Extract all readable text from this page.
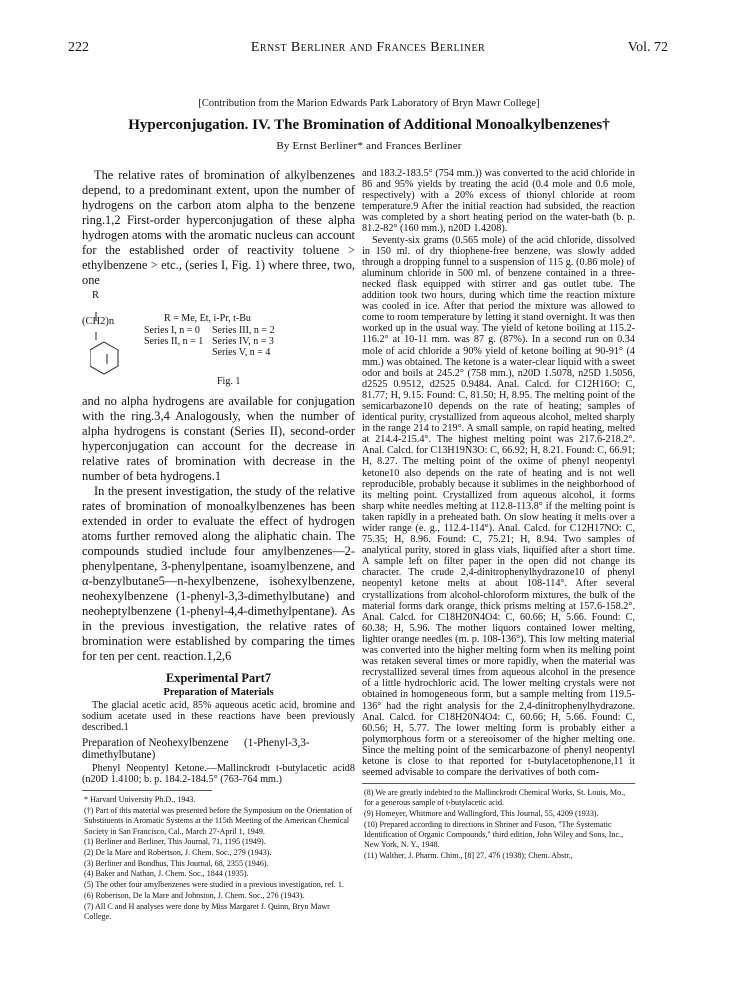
222	Ernst Berliner and Frances Berliner	Vol. 72
[Contribution from the Marion Edwards Park Laboratory of Bryn Mawr College]
Hyperconjugation. IV. The Bromination of Additional Monoalkylbenzenes†
By Ernst Berliner* and Frances Berliner

The relative rates of bromination of alkylbenzenes depend, to a predominant extent, upon the number of hydrogens on the carbon atom alpha to the benzene ring.1,2 First-order hyperconjugation of these alpha hydrogen atoms with the aromatic nucleus can account for the established order of reactivity toluene > ethylbenzene > etc., (series I, Fig. 1) where three, two, one

R
(CH2)n	R = Me, Et, i-Pr, t-Bu
Series I, n = 0
Series II, n = 1
Series III, n = 2
Series IV, n = 3
Series V, n = 4
Fig. 1

and no alpha hydrogens are available for conjugation with the ring.3,4 Analogously, when the number of alpha hydrogens is constant (Series II), second-order hyperconjugation can account for the decrease in relative rates of bromination with decrease in the number of beta hydrogens.1

In the present investigation, the study of the relative rates of bromination of monoalkylbenzenes has been extended in order to evaluate the effect of hydrogen atoms further removed along the aliphatic chain. The compounds studied include four amylbenzenes—2-phenylpentane, 3-phenylpentane, isoamylbenzene, and α-benzylbutane5—n-hexylbenzene, isohexylbenzene, neohexylbenzene (1-phenyl-3,3-dimethylbutane) and neoheptylbenzene (1-phenyl-4,4-dimethylpentane). As in the previous investigation, the relative rates of bromination were established by comparing the times for ten per cent. reaction.1,2,6

Experimental Part7
Preparation of Materials

The glacial acetic acid, 85% aqueous acetic acid, bromine and sodium acetate used in these reactions have been previously described.1

Preparation of Neohexylbenzene (1-Phenyl-3,3-dimethylbutane)

Phenyl Neopentyl Ketone.—Mallinckrodt t-butylacetic acid8 (n20D 1.4100; b. p. 184.2-184.5° (763-764 mm.)

* Harvard University Ph.D., 1943.

(†) Part of this material was presented before the Symposium on the Orientation of Substituents in Aromatic Systems at the 115th Meeting of the American Chemical Society in San Francisco, Cal., March 27-April 1, 1949.

(1) Berliner and Berliner, This Journal, 71, 1195 (1949).

(2) De la Mare and Robertson, J. Chem. Soc., 279 (1943).

(3) Berliner and Bondhus, This Journal, 68, 2355 (1946).

(4) Baker and Nathan, J. Chem. Soc., 1844 (1935).

(5) The other four amylbenzenes were studied in a previous investigation, ref. 1.

(6) Robertson, De la Mare and Johnston, J. Chem. Soc., 276 (1943).

(7) All C and H analyses were done by Miss Margaret J. Quinn, Bryn Mawr College.

and 183.2-183.5° (754 mm.)) was converted to the acid chloride in 86 and 95% yields by treating the acid (0.4 mole and 0.6 mole, respectively) with a 20% excess of thionyl chloride at room temperature.9 After the initial reaction had subsided, the reaction was completed by a short heating period on the water-bath (b. p. 81.2-82° (160 mm.), n20D 1.4208).

Seventy-six grams (0.565 mole) of the acid chloride, dissolved in 150 ml. of dry thiophene-free benzene, was slowly added through a dropping funnel to a suspension of 115 g. (0.86 mole) of aluminum chloride in 500 ml. of benzene contained in a three-necked flask equipped with stirrer and gas outlet tube. The addition took two hours, during which time the reaction mixture was cooled in ice. After that period the mixture was allowed to come to room temperature by letting it stand overnight. It was then worked up in the usual way. The yield of ketone boiling at 115.2-116.2° at 10-11 mm. was 87 g. (87%). In a second run on 0.34 mole of acid chloride a 90% yield of ketone boiling at 90-91° (4 mm.) was obtained. The ketone is a water-clear liquid with a sweet odor and boils at 245.2° (758 mm.), n20D 1.5078, n25D 1.5056, d2525 0.9512, d2525 0.9484. Anal. Calcd. for C12H16O: C, 81.77; H, 9.15. Found: C, 81.50; H, 8.95. The melting point of the semicarbazone10 depends on the rate of heating; samples of identical purity, crystallized from aqueous alcohol, melted sharply in the range 214 to 219°. A small sample, on rapid heating, melted at 214.4-215.4°. The highest melting point was 217.6-218.2°. Anal. Calcd. for C13H19N3O: C, 66.92; H, 8.21. Found: C, 66.91; H, 8.27. The melting point of the oxime of phenyl neopentyl ketone10 also depends on the rate of heating and is not well reproducible, probably because it sublimes in the neighborhood of its melting point. Crystallized from aqueous alcohol, it forms sharp white needles melting at 112.8-113.8° if the melting point is taken rapidly in a preheated bath. On slow heating it melts over a wider range (e. g., 112.4-114°). Anal. Calcd. for C12H17NO: C, 75.35; H, 8.96. Found: C, 75.21; H, 8.94. Two samples of analytical purity, stored in glass vials, liquified after a short time. A sample left on filter paper in the open did not change its character. The crude 2,4-dinitrophenylhydrazone10 of phenyl neopentyl ketone melts at about 108-114°. After several crystallizations from alcohol-chloroform mixtures, the bulk of the material forms dark orange, thick prisms melting at 157.6-158.2°. Anal. Calcd. for C18H20N4O4: C, 60.66; H, 5.66. Found: C, 60.38; H, 5.96. The mother liquors contained lower melting, lighter orange needles (m. p. 108-136°). This low melting material was converted into the higher melting form when its melting point was retaken several times or more rapidly, when the material was recrystallized several times from aqueous alcohol in the presence of a little hydrochloric acid. The lower melting crystals were not obtained in homogeneous form, but a sample melting from 119.5-136° had the right analysis for the 2,4-dinitrophenylhydrazone. Anal. Calcd. for C18H20N4O4: C, 60.66; H, 5.66. Found: C, 60.56; H, 5.77. The lower melting form is probably either a polymorphous form or a stereoisomer of the higher melting one. Since the melting point of the semicarbazone of phenyl neopentyl ketone is close to that reported for t-butylacetophenone,11 it seemed advisable to compare the derivatives of both com-

(8) We are greatly indebted to the Mallinckrodt Chemical Works, St. Louis, Mo., for a generous sample of t-butylacetic acid.

(9) Homeyer, Whitmore and Wallingford, This Journal, 55, 4209 (1933).

(10) Prepared according to directions in Shriner and Fuson, "The Systematic Identification of Organic Compounds," third edition, John Wiley and Sons, Inc., New York, N. Y., 1948.

(11) Walther, J. Pharm. Chim., [8] 27, 476 (1938); Chem. Abstr.,
